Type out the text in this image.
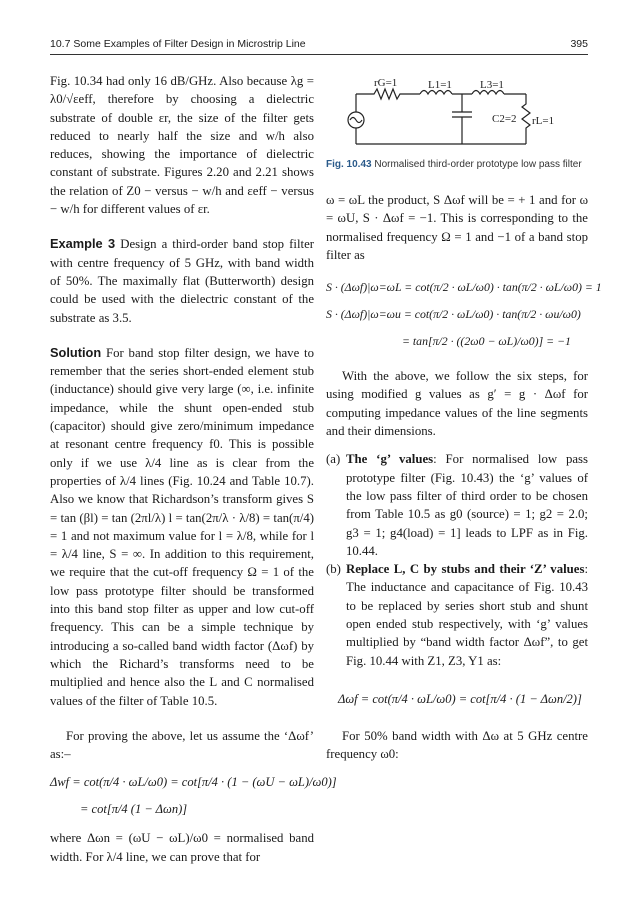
10.7 Some Examples of Filter Design in Microstrip Line	395

Fig. 10.34 had only 16 dB/GHz. Also because λg = λ0/√εeff, therefore by choosing a dielectric substrate of double εr, the size of the filter gets reduced to nearly half the size and w/h also reduces, showing the importance of dielectric constant of substrate. Figures 2.20 and 2.21 shows the relation of Z0 − versus − w/h and εeff − versus − w/h for different values of εr.

Example 3 Design a third-order band stop filter with centre frequency of 5 GHz, with band width of 50%. The maximally flat (Butterworth) design could be used with the dielectric constant of the substrate as 3.5.

Solution For band stop filter design, we have to remember that the series short-ended element stub (inductance) should give very large (∞, i.e. infinite impedance, while the shunt open-ended stub (capacitor) should give zero/minimum impedance at resonant centre frequency f0. This is possible only if we use λ/4 line as is clear from the properties of λ/4 lines (Fig. 10.24 and Table 10.7). Also we know that Richardson’s transform gives S = tan (βl) = tan (2πl/λ) l = tan(2π/λ · λ/8) = tan(π/4) = 1 and not maximum value for l = λ/8, while for l = λ/4 line, S = ∞. In addition to this requirement, we require that the cut-off frequency Ω = 1 of the low pass prototype filter should be transformed into this band stop filter as upper and low cut-off frequency. This can be a simple technique by introducing a so-called band width factor (Δωf) by which the Richard’s transforms need to be multiplied and hence also the L and C normalised values of the filter of Table 10.5.

For proving the above, let us assume the ‘Δωf’ as:–

Δwf = cot(π/4 · ωL/ω0) = cot[π/4 · (1 − (ωU − ωL)/ω0)]
= cot[π/4 (1 − Δωn)]

where Δωn = (ωU − ωL)/ω0 = normalised band width. For λ/4 line, we can prove that for

rG=1	L1=1	L3=1
C2=2 rL=1
Fig. 10.43 Normalised third-order prototype low pass filter

ω = ωL the product, S Δωf will be = + 1 and for ω = ωU, S · Δωf = −1. This is corresponding to the normalised frequency Ω = 1 and −1 of a band stop filter as

S · (Δωf)|ω=ωL = cot(π/2 · ωL/ω0) · tan(π/2 · ωL/ω0) = 1
S · (Δωf)|ω=ωu = cot(π/2 · ωL/ω0) · tan(π/2 · ωu/ω0)
= tan[π/2 · ((2ω0 − ωL)/ω0)] = −1

With the above, we follow the six steps, for using modified g values as g′ = g · Δωf for computing impedance values of the line segments and their dimensions.

(a) The ‘g’ values: For normalised low pass prototype filter (Fig. 10.43) the ‘g’ values of the low pass filter of third order to be chosen from Table 10.5 as g0 (source) = 1; g2 = 2.0; g3 = 1; g4(load) = 1] leads to LPF as in Fig. 10.44.

(b) Replace L, C by stubs and their ‘Z’ values: The inductance and capacitance of Fig. 10.43 to be replaced by series short stub and shunt open ended stub respectively, with ‘g’ values multiplied by “band width factor Δωf”, to get Fig. 10.44 with Z1, Z3, Y1 as:

Δωf = cot(π/4 · ωL/ω0) = cot[π/4 · (1 − Δωn/2)]

For 50% band width with Δω at 5 GHz centre frequency ω0:
